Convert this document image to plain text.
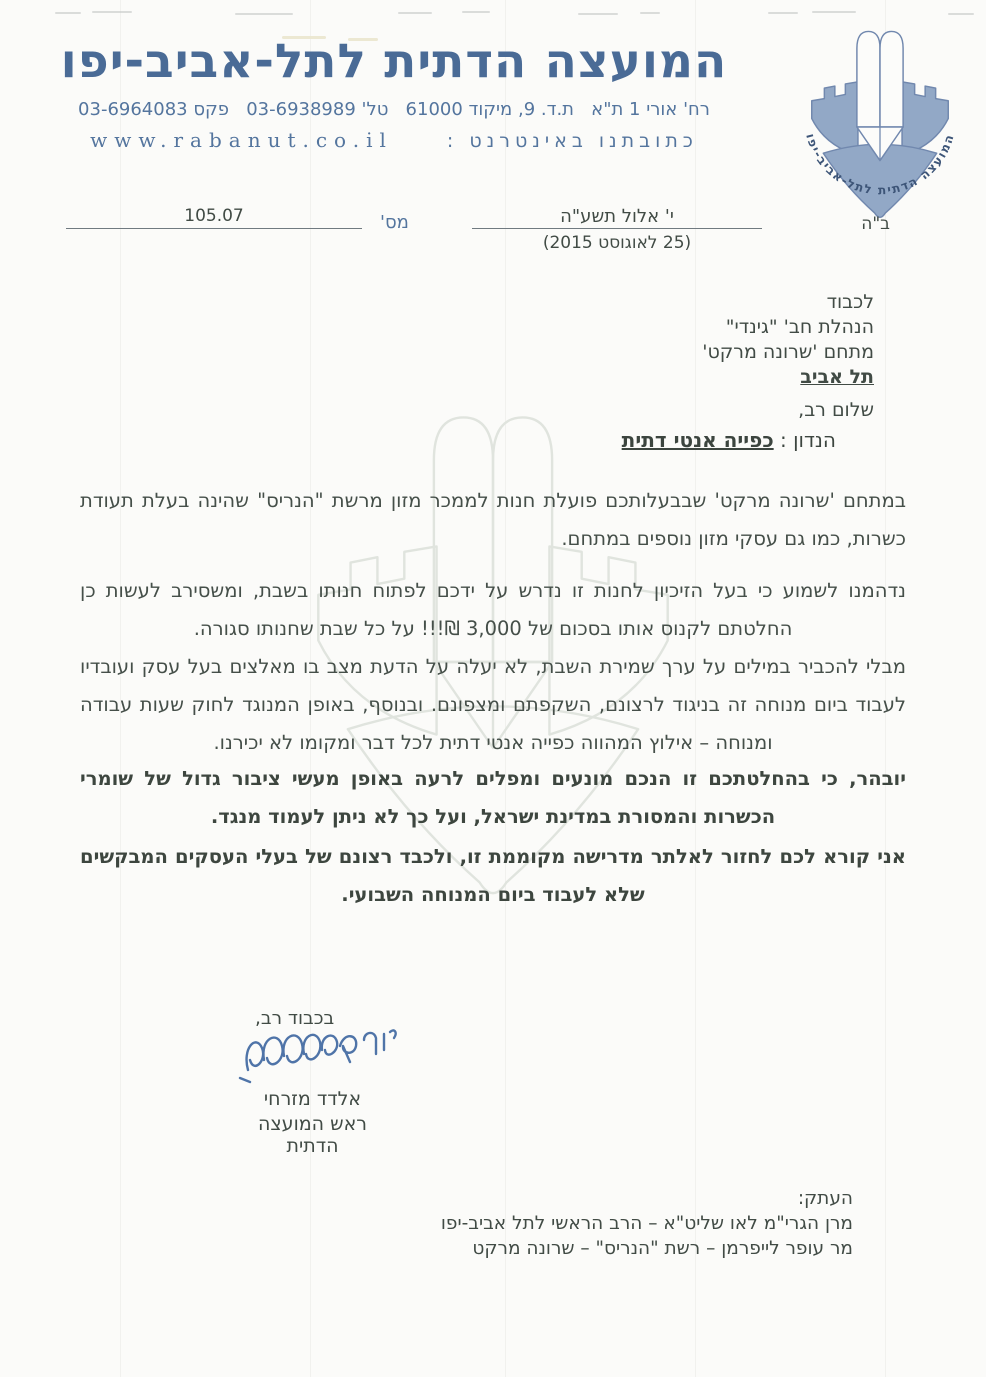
המועצה הדתית לתל-אביב-יפו
רח' אורי 1 ת"א   ת.ד. 9, מיקוד 61000   טל' 03-6938989   פקס 03-6964083
כתובתנו באינטרנט :
www.rabanut.co.il	המועצה הדתית לתל-אביב-יפו
ב"ה
י' אלול תשע"ה
(25 לאוגוסט 2015)
מס'
105.07
לכבוד
הנהלת חב' "גינדי"
מתחם 'שרונה מרקט'
תל אביב
שלום רב,
הנדון : כפייה אנטי דתית

במתחם 'שרונה מרקט' שבבעלותכם פועלת חנות לממכר מזון מרשת "הנריס" שהינה בעלת תעודת כשרות, כמו גם עסקי מזון נוספים במתחם.

נדהמנו לשמוע כי בעל הזיכיון לחנות זו נדרש על ידכם לפתוח חנותו בשבת, ומשסירב לעשות כן החלטתם לקנוס אותו בסכום של 3,000 ₪!!! על כל שבת שחנותו סגורה.

מבלי להכביר במילים על ערך שמירת השבת, לא יעלה על הדעת מצב בו מאלצים בעל עסק ועובדיו לעבוד ביום מנוחה זה בניגוד לרצונם, השקפתם ומצפונם. ובנוסף, באופן המנוגד לחוק שעות עבודה ומנוחה – אילוץ המהווה כפייה אנטי דתית לכל דבר ומקומו לא יכירנו.

יובהר, כי בהחלטתכם זו הנכם מונעים ומפלים לרעה באופן מעשי ציבור גדול של שומרי הכשרות והמסורת במדינת ישראל, ועל כך לא ניתן לעמוד מנגד.

אני קורא לכם לחזור לאלתר מדרישה מקוממת זו, ולכבד רצונם של בעלי העסקים המבקשים שלא לעבוד ביום המנוחה השבועי.

בכבוד רב,
אלדד מזרחי
ראש המועצה הדתית
העתק:
מרן הגרי"מ לאו שליט"א – הרב הראשי לתל אביב-יפו
מר עופר לייפרמן – רשת "הנריס" – שרונה מרקט
